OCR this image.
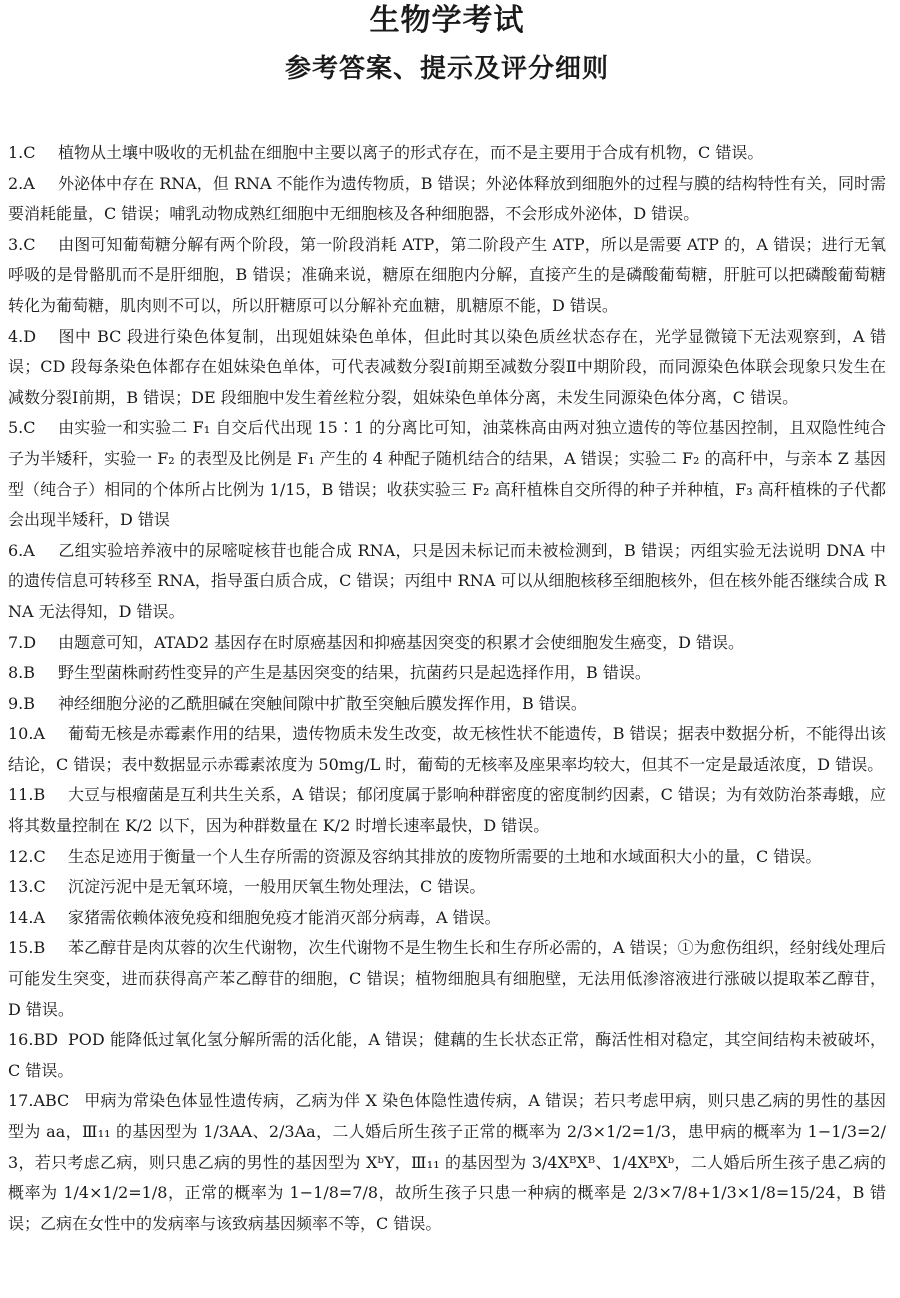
生物学考试
参考答案、提示及评分细则

1.C 植物从土壤中吸收的无机盐在细胞中主要以离子的形式存在，而不是主要用于合成有机物，C 错误。

2.A 外泌体中存在 RNA，但 RNA 不能作为遗传物质，B 错误；外泌体释放到细胞外的过程与膜的结构特性有关，同时需要消耗能量，C 错误；哺乳动物成熟红细胞中无细胞核及各种细胞器，不会形成外泌体，D 错误。

3.C 由图可知葡萄糖分解有两个阶段，第一阶段消耗 ATP，第二阶段产生 ATP，所以是需要 ATP 的，A 错误；进行无氧呼吸的是骨骼肌而不是肝细胞，B 错误；准确来说，糖原在细胞内分解，直接产生的是磷酸葡萄糖，肝脏可以把磷酸葡萄糖转化为葡萄糖，肌肉则不可以，所以肝糖原可以分解补充血糖，肌糖原不能，D 错误。

4.D 图中 BC 段进行染色体复制，出现姐妹染色单体，但此时其以染色质丝状态存在，光学显微镜下无法观察到，A 错误；CD 段每条染色体都存在姐妹染色单体，可代表减数分裂Ⅰ前期至减数分裂Ⅱ中期阶段，而同源染色体联会现象只发生在减数分裂Ⅰ前期，B 错误；DE 段细胞中发生着丝粒分裂，姐妹染色单体分离，未发生同源染色体分离，C 错误。

5.C 由实验一和实验二 F₁ 自交后代出现 15∶1 的分离比可知，油菜株高由两对独立遗传的等位基因控制，且双隐性纯合子为半矮秆，实验一 F₂ 的表型及比例是 F₁ 产生的 4 种配子随机结合的结果，A 错误；实验二 F₂ 的高秆中，与亲本 Z 基因型（纯合子）相同的个体所占比例为 1/15，B 错误；收获实验三 F₂ 高秆植株自交所得的种子并种植，F₃ 高秆植株的子代都会出现半矮秆，D 错误

6.A 乙组实验培养液中的尿嘧啶核苷也能合成 RNA，只是因未标记而未被检测到，B 错误；丙组实验无法说明 DNA 中的遗传信息可转移至 RNA，指导蛋白质合成，C 错误；丙组中 RNA 可以从细胞核移至细胞核外，但在核外能否继续合成 RNA 无法得知，D 错误。

7.D 由题意可知，ATAD2 基因存在时原癌基因和抑癌基因突变的积累才会使细胞发生癌变，D 错误。

8.B 野生型菌株耐药性变异的产生是基因突变的结果，抗菌药只是起选择作用，B 错误。

9.B 神经细胞分泌的乙酰胆碱在突触间隙中扩散至突触后膜发挥作用，B 错误。

10.A 葡萄无核是赤霉素作用的结果，遗传物质未发生改变，故无核性状不能遗传，B 错误；据表中数据分析，不能得出该结论，C 错误；表中数据显示赤霉素浓度为 50mg/L 时，葡萄的无核率及座果率均较大，但其不一定是最适浓度，D 错误。

11.B 大豆与根瘤菌是互利共生关系，A 错误；郁闭度属于影响种群密度的密度制约因素，C 错误；为有效防治茶毒蛾，应将其数量控制在 K/2 以下，因为种群数量在 K/2 时增长速率最快，D 错误。

12.C 生态足迹用于衡量一个人生存所需的资源及容纳其排放的废物所需要的土地和水域面积大小的量，C 错误。

13.C 沉淀污泥中是无氧环境，一般用厌氧生物处理法，C 错误。

14.A 家猪需依赖体液免疫和细胞免疫才能消灭部分病毒，A 错误。

15.B 苯乙醇苷是肉苁蓉的次生代谢物，次生代谢物不是生物生长和生存所必需的，A 错误；①为愈伤组织，经射线处理后可能发生突变，进而获得高产苯乙醇苷的细胞，C 错误；植物细胞具有细胞壁，无法用低渗溶液进行涨破以提取苯乙醇苷，D 错误。

16.BD POD 能降低过氧化氢分解所需的活化能，A 错误；健藕的生长状态正常，酶活性相对稳定，其空间结构未被破坏，C 错误。

17.ABC 甲病为常染色体显性遗传病，乙病为伴 X 染色体隐性遗传病，A 错误；若只考虑甲病，则只患乙病的男性的基因型为 aa，Ⅲ₁₁ 的基因型为 1/3AA、2/3Aa，二人婚后所生孩子正常的概率为 2/3×1/2=1/3，患甲病的概率为 1−1/3=2/3，若只考虑乙病，则只患乙病的男性的基因型为 XᵇY，Ⅲ₁₁ 的基因型为 3/4XᴮXᴮ、1/4XᴮXᵇ，二人婚后所生孩子患乙病的概率为 1/4×1/2=1/8，正常的概率为 1−1/8=7/8，故所生孩子只患一种病的概率是 2/3×7/8+1/3×1/8=15/24，B 错误；乙病在女性中的发病率与该致病基因频率不等，C 错误。
